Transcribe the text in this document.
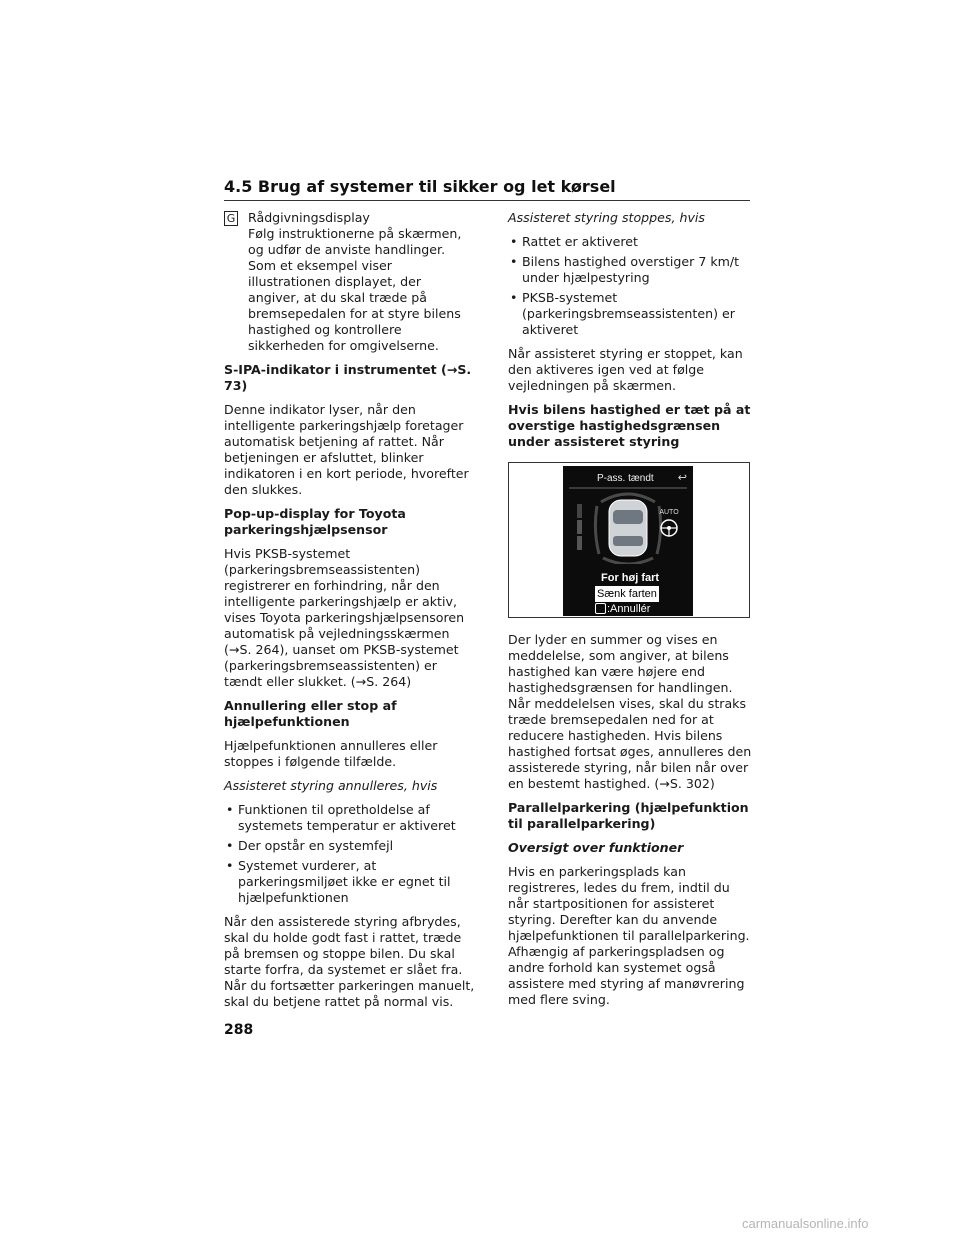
4.5 Brug af systemer til sikker og let kørsel
G Rådgivningsdisplay
Følg instruktionerne på skærmen, og udfør de anviste handlinger. Som et eksempel viser illustrationen displayet, der angiver, at du skal træde på bremsepedalen for at styre bilens hastighed og kontrollere sikkerheden for omgivelserne.

S-IPA-indikator i instrumentet (→S. 73)

Denne indikator lyser, når den intelligente parkeringshjælp foretager automatisk betjening af rattet. Når betjeningen er afsluttet, blinker indikatoren i en kort periode, hvorefter den slukkes.

Pop-up-display for Toyota parkeringshjælpsensor

Hvis PKSB-systemet (parkeringsbremseassistenten) registrerer en forhindring, når den intelligente parkeringshjælp er aktiv, vises Toyota parkeringshjælpsensoren automatisk på vejledningsskærmen (→S. 264), uanset om PKSB-systemet (parkeringsbremseassistenten) er tændt eller slukket. (→S. 264)

Annullering eller stop af hjælpefunktionen

Hjælpefunktionen annulleres eller stoppes i følgende tilfælde.

Assisteret styring annulleres, hvis

• Funktionen til opretholdelse af systemets temperatur er aktiveret
• Der opstår en systemfejl
• Systemet vurderer, at parkeringsmiljøet ikke er egnet til hjælpefunktionen

Når den assisterede styring afbrydes, skal du holde godt fast i rattet, træde på bremsen og stoppe bilen. Du skal starte forfra, da systemet er slået fra. Når du fortsætter parkeringen manuelt, skal du betjene rattet på normal vis.

Assisteret styring stoppes, hvis

• Rattet er aktiveret
• Bilens hastighed overstiger 7 km/t under hjælpestyring
• PKSB-systemet (parkeringsbremseassistenten) er aktiveret

Når assisteret styring er stoppet, kan den aktiveres igen ved at følge vejledningen på skærmen.

Hvis bilens hastighed er tæt på at overstige hastighedsgrænsen under assisteret styring

P-ass. tændt ↩
AUTO
For høj fart
Sænk farten
:Annullér

Der lyder en summer og vises en meddelelse, som angiver, at bilens hastighed kan være højere end hastighedsgrænsen for handlingen. Når meddelelsen vises, skal du straks træde bremsepedalen ned for at reducere hastigheden. Hvis bilens hastighed fortsat øges, annulleres den assisterede styring, når bilen når over en bestemt hastighed. (→S. 302)

Parallelparkering (hjælpefunktion til parallelparkering)

Oversigt over funktioner

Hvis en parkeringsplads kan registreres, ledes du frem, indtil du når startpositionen for assisteret styring. Derefter kan du anvende hjælpefunktionen til parallelparkering. Afhængig af parkeringspladsen og andre forhold kan systemet også assistere med styring af manøvrering med flere sving.

288
carmanualsonline.info
